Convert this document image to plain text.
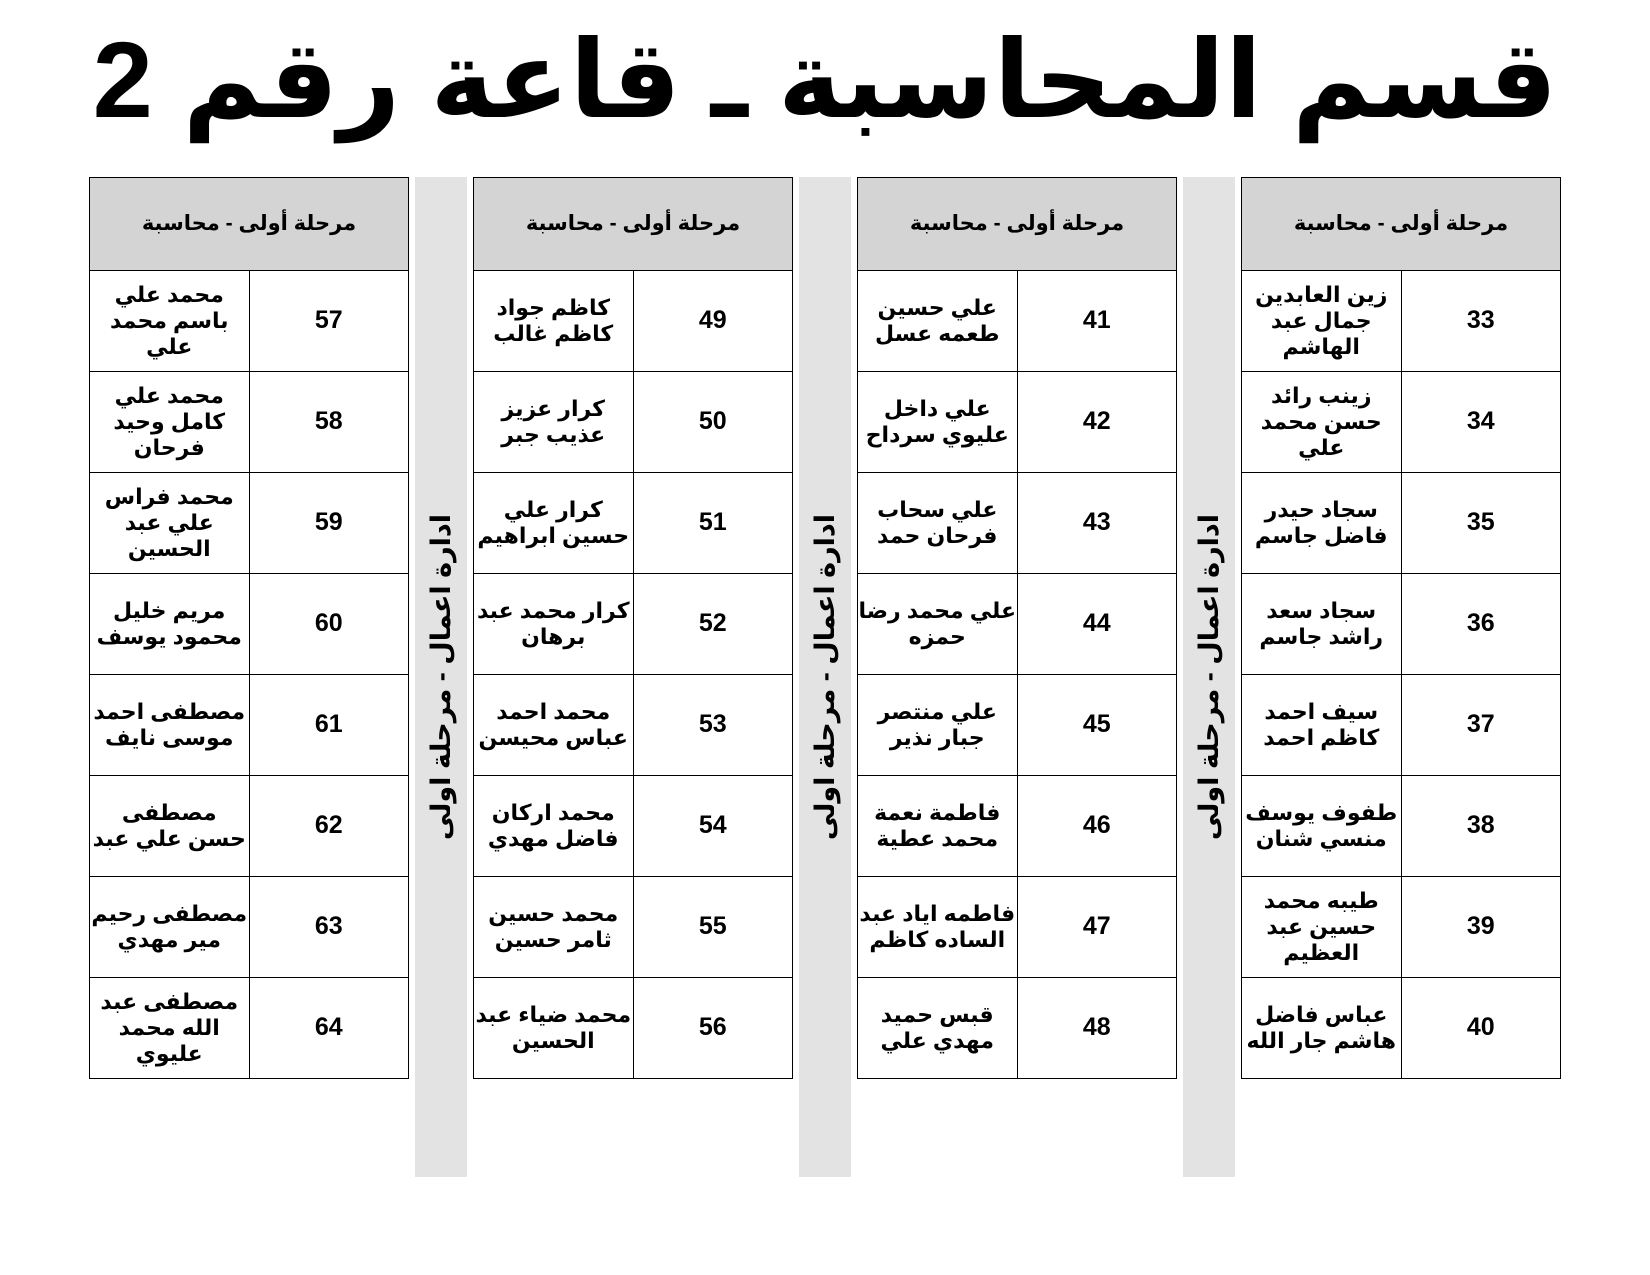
قسم المحاسبة ـ قاعة رقم 2
مرحلة أولى - محاسبة	
33	زين العابدين جمال عبد الهاشم
34	زينب رائد حسن محمد علي
35	سجاد حيدر فاضل جاسم
36	سجاد سعد راشد جاسم
37	سيف احمد كاظم احمد
38	طفوف يوسف منسي شنان
39	طيبه محمد حسين عبد العظيم
40	عباس فاضل هاشم جار الله
ادارة اعمال - مرحلة اولى
مرحلة أولى - محاسبة	
41	علي حسين طعمه عسل
42	علي داخل عليوي سرداح
43	علي سحاب فرحان حمد
44	علي محمد رضا حمزه
45	علي منتصر جبار نذير
46	فاطمة نعمة محمد عطية
47	فاطمه اياد عبد الساده كاظم
48	قبس حميد مهدي علي
ادارة اعمال - مرحلة اولى
مرحلة أولى - محاسبة	
49	كاظم جواد كاظم غالب
50	كرار عزيز عذيب جبر
51	كرار علي حسين ابراهيم
52	كرار محمد عبد برهان
53	محمد احمد عباس محيسن
54	محمد اركان فاضل مهدي
55	محمد حسين ثامر حسين
56	محمد ضياء عبد الحسين
ادارة اعمال - مرحلة اولى
مرحلة أولى - محاسبة	
57	محمد علي باسم محمد علي
58	محمد علي كامل وحيد فرحان
59	محمد فراس علي عبد الحسين
60	مريم خليل محمود يوسف
61	مصطفى احمد موسى نايف
62	مصطفى حسن علي عبد
63	مصطفى رحيم مير مهدي
64	مصطفى عبد الله محمد عليوي
